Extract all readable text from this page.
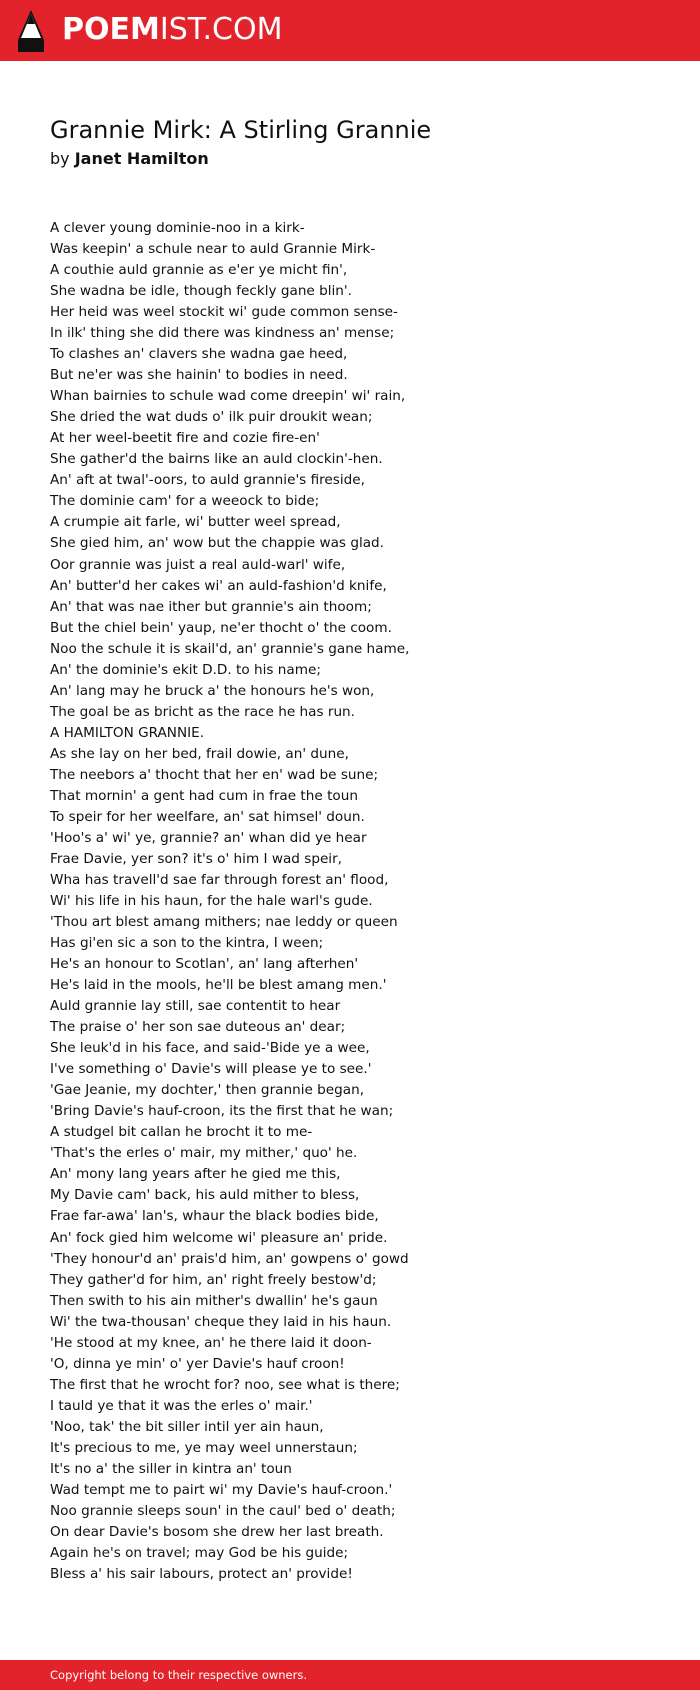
POEMIST.COM
Grannie Mirk: A Stirling Grannie
by Janet Hamilton
A clever young dominie-noo in a kirk-
Was keepin' a schule near to auld Grannie Mirk-
A couthie auld grannie as e'er ye micht fin',
She wadna be idle, though feckly gane blin'.
Her heid was weel stockit wi' gude common sense-
In ilk' thing she did there was kindness an' mense;
To clashes an' clavers she wadna gae heed,
But ne'er was she hainin' to bodies in need.
Whan bairnies to schule wad come dreepin' wi' rain,
She dried the wat duds o' ilk puir droukit wean;
At her weel-beetit fire and cozie fire-en'
She gather'd the bairns like an auld clockin'-hen.
An' aft at twal'-oors, to auld grannie's fireside,
The dominie cam' for a weeock to bide;
A crumpie ait farle, wi' butter weel spread,
She gied him, an' wow but the chappie was glad.
Oor grannie was juist a real auld-warl' wife,
An' butter'd her cakes wi' an auld-fashion'd knife,
An' that was nae ither but grannie's ain thoom;
But the chiel bein' yaup, ne'er thocht o' the coom.
Noo the schule it is skail'd, an' grannie's gane hame,
An' the dominie's ekit D.D. to his name;
An' lang may he bruck a' the honours he's won,
The goal be as bricht as the race he has run.
A HAMILTON GRANNIE.
As she lay on her bed, frail dowie, an' dune,
The neebors a' thocht that her en' wad be sune;
That mornin' a gent had cum in frae the toun
To speir for her weelfare, an' sat himsel' doun.
'Hoo's a' wi' ye, grannie? an' whan did ye hear
Frae Davie, yer son? it's o' him I wad speir,
Wha has travell'd sae far through forest an' flood,
Wi' his life in his haun, for the hale warl's gude.
'Thou art blest amang mithers; nae leddy or queen
Has gi'en sic a son to the kintra, I ween;
He's an honour to Scotlan', an' lang afterhen'
He's laid in the mools, he'll be blest amang men.'
Auld grannie lay still, sae contentit to hear
The praise o' her son sae duteous an' dear;
She leuk'd in his face, and said-'Bide ye a wee,
I've something o' Davie's will please ye to see.'
'Gae Jeanie, my dochter,' then grannie began,
'Bring Davie's hauf-croon, its the first that he wan;
A studgel bit callan he brocht it to me-
'That's the erles o' mair, my mither,' quo' he.
An' mony lang years after he gied me this,
My Davie cam' back, his auld mither to bless,
Frae far-awa' lan's, whaur the black bodies bide,
An' fock gied him welcome wi' pleasure an' pride.
'They honour'd an' prais'd him, an' gowpens o' gowd
They gather'd for him, an' right freely bestow'd;
Then swith to his ain mither's dwallin' he's gaun
Wi' the twa-thousan' cheque they laid in his haun.
'He stood at my knee, an' he there laid it doon-
'O, dinna ye min' o' yer Davie's hauf croon!
The first that he wrocht for? noo, see what is there;
I tauld ye that it was the erles o' mair.'
'Noo, tak' the bit siller intil yer ain haun,
It's precious to me, ye may weel unnerstaun;
It's no a' the siller in kintra an' toun
Wad tempt me to pairt wi' my Davie's hauf-croon.'
Noo grannie sleeps soun' in the caul' bed o' death;
On dear Davie's bosom she drew her last breath.
Again he's on travel; may God be his guide;
Bless a' his sair labours, protect an' provide!
Copyright belong to their respective owners.
